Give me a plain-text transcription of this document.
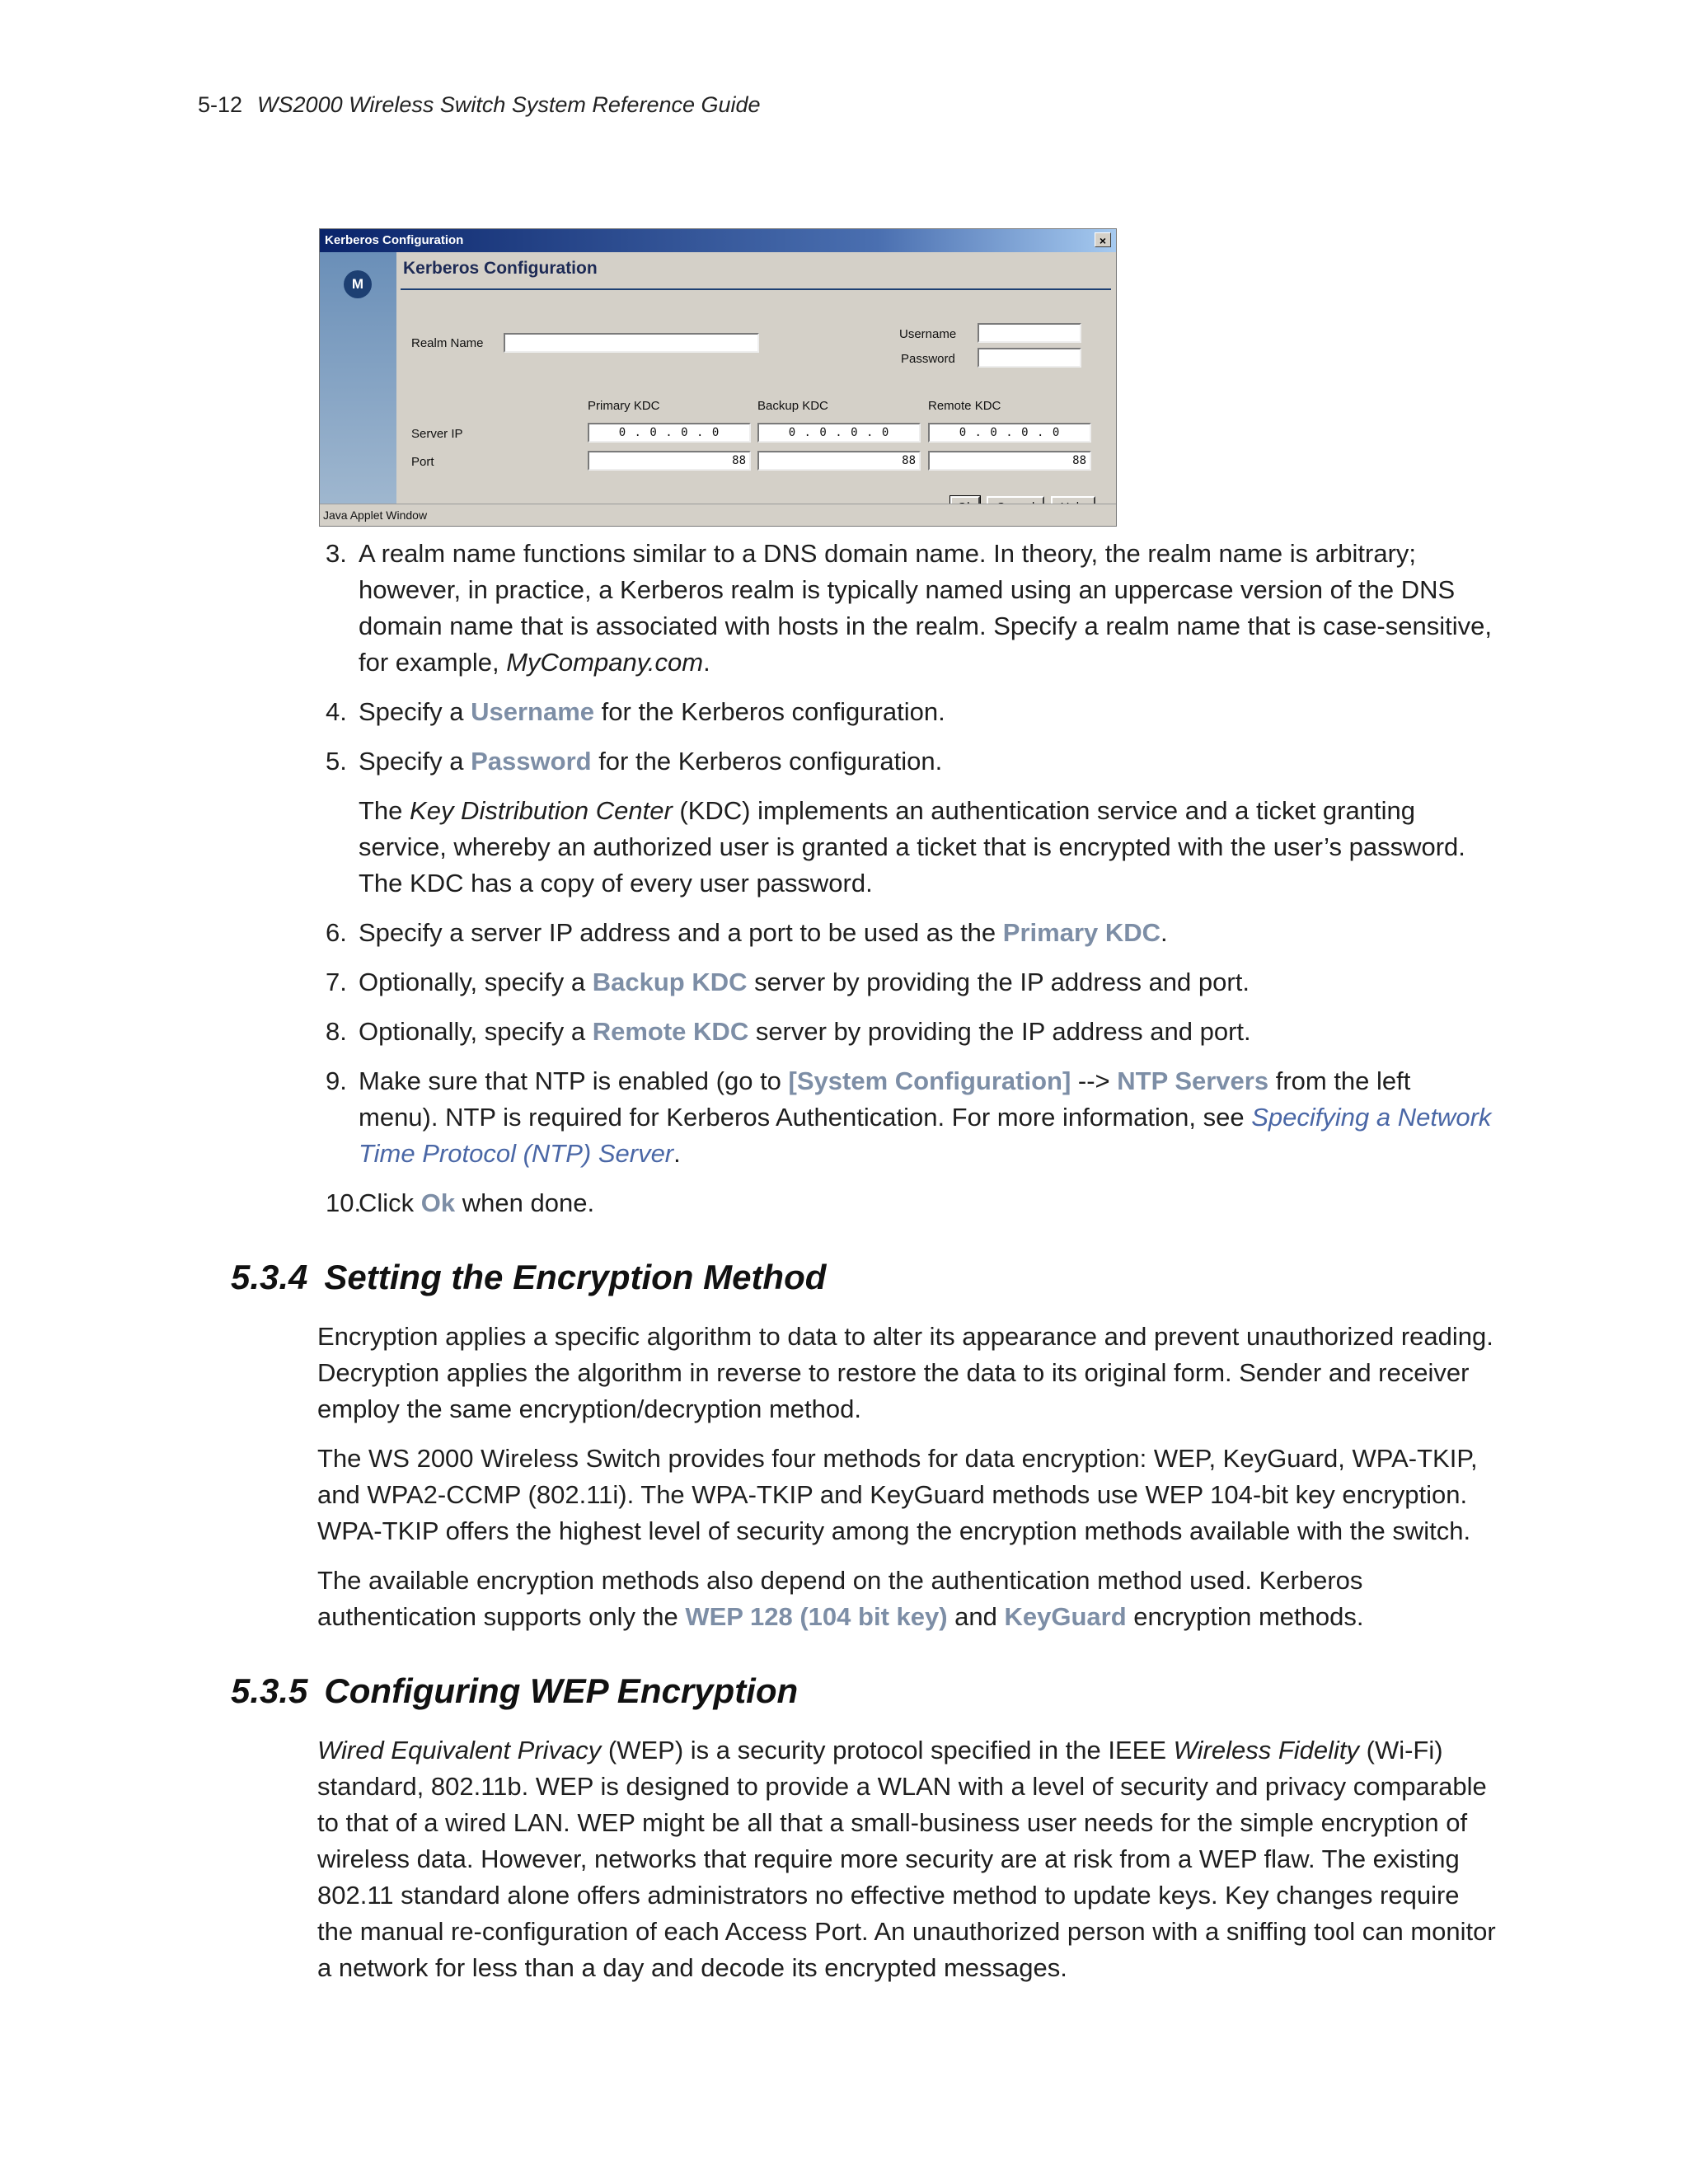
5-12 WS2000 Wireless Switch System Reference Guide
Kerberos Configuration	×
M
Kerberos Configuration
Realm Name
Username
Password
Primary KDC	Backup KDC	Remote KDC
Server IP	0 . 0 . 0 . 0	0 . 0 . 0 . 0	0 . 0 . 0 . 0
Port	88	88	88
Java Applet Window
3. A realm name functions similar to a DNS domain name. In theory, the realm name is arbitrary; however, in practice, a Kerberos realm is typically named using an uppercase version of the DNS domain name that is associated with hosts in the realm. Specify a realm name that is case-sensitive, for example, MyCompany.com.
4. Specify a Username for the Kerberos configuration.
5. Specify a Password for the Kerberos configuration.
The Key Distribution Center (KDC) implements an authentication service and a ticket granting service, whereby an authorized user is granted a ticket that is encrypted with the user’s password. The KDC has a copy of every user password.
6. Specify a server IP address and a port to be used as the Primary KDC.
7. Optionally, specify a Backup KDC server by providing the IP address and port.
8. Optionally, specify a Remote KDC server by providing the IP address and port.
9. Make sure that NTP is enabled (go to [System Configuration] --> NTP Servers from the left menu). NTP is required for Kerberos Authentication. For more information, see Specifying a Network Time Protocol (NTP) Server.
10.
Click Ok when done.
5.3.4 Setting the Encryption Method

Encryption applies a specific algorithm to data to alter its appearance and prevent unauthorized reading. Decryption applies the algorithm in reverse to restore the data to its original form. Sender and receiver employ the same encryption/decryption method.

The WS 2000 Wireless Switch provides four methods for data encryption: WEP, KeyGuard, WPA-TKIP, and WPA2-CCMP (802.11i). The WPA-TKIP and KeyGuard methods use WEP 104-bit key encryption. WPA-TKIP offers the highest level of security among the encryption methods available with the switch.

The available encryption methods also depend on the authentication method used. Kerberos authentication supports only the WEP 128 (104 bit key) and KeyGuard encryption methods.

5.3.5 Configuring WEP Encryption

Wired Equivalent Privacy (WEP) is a security protocol specified in the IEEE Wireless Fidelity (Wi-Fi) standard, 802.11b. WEP is designed to provide a WLAN with a level of security and privacy comparable to that of a wired LAN. WEP might be all that a small-business user needs for the simple encryption of wireless data. However, networks that require more security are at risk from a WEP flaw. The existing 802.11 standard alone offers administrators no effective method to update keys. Key changes require the manual re-configuration of each Access Port. An unauthorized person with a sniffing tool can monitor a network for less than a day and decode its encrypted messages.
